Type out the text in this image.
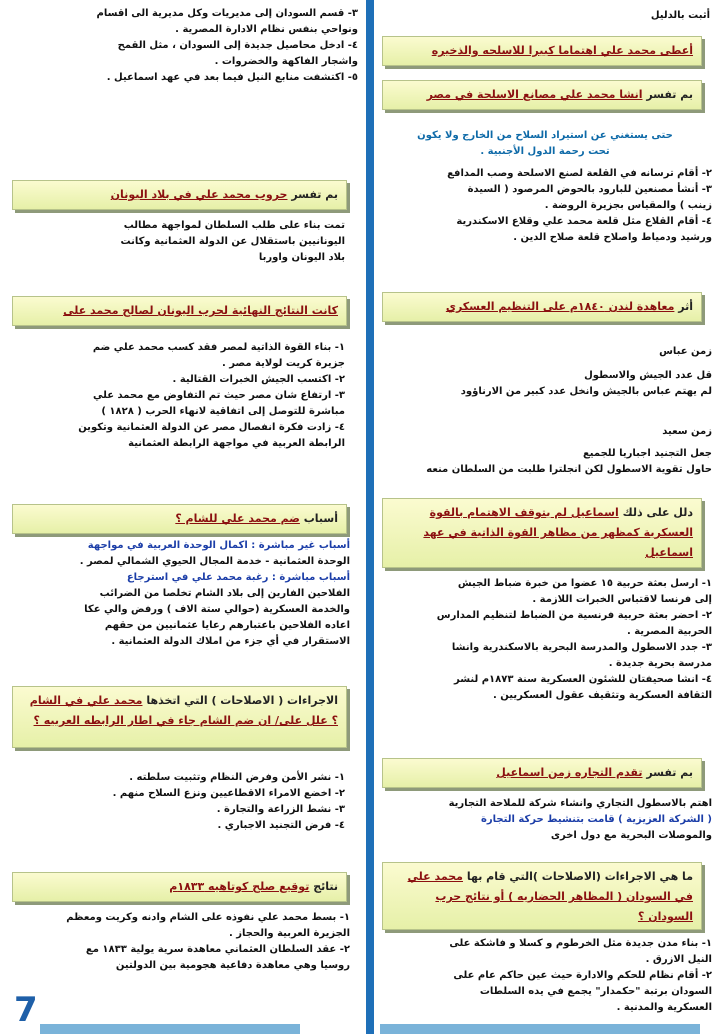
٣- قسم السودان إلى مديريات وكل مديرية الى اقسام

ونواحي بنفس نظام الادارة المصرية .

٤- ادخل محاصيل جديدة إلى السودان ، مثل القمح

واشجار الفاكهة والخضروات .

٥- اكتشفت منابع النيل فيما بعد في عهد اسماعيل .

بم تفسر حروب محمد علي في بلاد اليونان

تمت بناء على طلب السلطان لمواجهة مطالب

اليونانيين باستقلال عن الدولة العثمانية وكانت

بلاد اليونان واوربا

كانت النتائج النهائية لحرب اليونان لصالح محمد على

١- بناء القوة الذاتية لمصر فقد كسب محمد علي ضم

جزيرة كريت لولاية مصر .

٢- اكتسب الجيش الخبرات القتالية .

٣- ارتفاع شان مصر حيث تم التفاوض مع محمد علي

مباشرة للتوصل إلى اتفاقية لانهاء الحرب ( ١٨٢٨ )

٤- زادت فكرة انفصال مصر عن الدولة العثمانية وتكوين

الرابطة العربية في مواجهة الرابطة العثمانية

أسباب ضم محمد علي للشام ؟

أسباب غير مباشرة : اكمال الوحدة العربية في مواجهة

الوحدة العثمانية - خدمة المجال الحيوي الشمالي لمصر .

أسباب مباشرة : رغبة محمد علي في استرجاع

الفلاحين الفارين إلى بلاد الشام تخلصا من الضرائب

والخدمة العسكرية (حوالي ستة الاف ) ورفض والي عكا

اعاده الفلاحين باعتبارهم رعايا عثمانيين من حقهم

الاستقرار في أي جزء من املاك الدولة العثمانية .

الاجراءات ( الاصلاحات ) التي اتخذها محمد علي في الشام ؟ علل على/ ان ضم الشام جاء في اطار الرابطه العربيه ؟

١- نشر الأمن وفرض النظام وتثبيت سلطته .

٢- اخضع الامراء الاقطاعيين ونزع السلاح منهم .

٣- نشط الزراعة والتجارة .

٤- فرض التجنيد الاجباري .

نتائج توقيع صلح كوتاهيه ١٨٣٣م

١- بسط محمد علي نفوذه على الشام وادنه وكريت ومعظم

الجزيرة العربية والحجاز .

٢- عقد السلطان العثماني معاهدة سرية يولية ١٨٣٣ مع

روسيا وهي معاهدة دفاعية هجومية بين الدولتين

7

أثبت بالدليل

أعطى محمد علي اهتماما كبيرا للاسلحه والذخيره
بم تفسر انشا محمد علي مصانع الاسلحة في مصر

حتى يستغني عن استيراد السلاح من الخارج ولا يكون

تحت رحمة الدول الأجنبية .

٢- أقام ترسانه في القلعة لصنع الاسلحة وصب المدافع

٣- أنشأ مصنعين للبارود بالحوض المرصود ( السيدة

زينب ) والمقياس بجزيرة الروضة .

٤- أقام القلاع مثل قلعة محمد علي وقلاع الاسكندرية

ورشيد ودمياط واصلاح قلعة صلاح الدين .

أثر معاهدة لندن ١٨٤٠م على التنظيم العسكري

زمن عباس

قل عدد الجيش والاسطول

لم يهتم عباس بالجيش وانخل عدد كبير من الارناؤود

زمن سعيد

جعل التجنيد اجباريا للجميع

حاول تقوية الاسطول لكن انجلترا طلبت من السلطان منعه

دلل على ذلك اسماعيل لم يتوقف الاهتمام بالقوة العسكرية كمظهر من مظاهر القوة الذاتية في عهد اسماعيل

١- ارسل بعثة حربية ١٥ عضوا من خبرة ضباط الجيش

إلى فرنسا لاقتباس الخبرات اللازمة .

٢- احضر بعثة حربية فرنسية من الضباط لتنظيم المدارس

الحربية المصرية .

٣- جدد الاسطول والمدرسة البحرية بالاسكندرية وانشا

مدرسة بحرية جديدة .

٤- انشا صحيفتان للشئون العسكرية سنة ١٨٧٣م لنشر

الثقافة العسكرية وتثقيف عقول العسكريين .

بم تفسر تقدم التجاره زمن اسماعيل

اهتم بالاسطول التجاري وانشاء شركة للملاحة التجارية

( الشركة العزيزية ) قامت بتنشيط حركة التجارة

والموصلات البحرية مع دول اخرى

ما هي الاجراءات (الاصلاحات )التي قام بها محمد علي في السودان ( المظاهر الحضاريه ) أو نتائج حرب السودان ؟

١- بناء مدن جديدة مثل الخرطوم و كسلا و فاشكة على

النيل الازرق .

٢- أقام نظام للحكم والادارة حيث عين حاكم عام على

السودان برتبة "حكمدار" يجمع في يده السلطات

العسكرية والمدنية .
